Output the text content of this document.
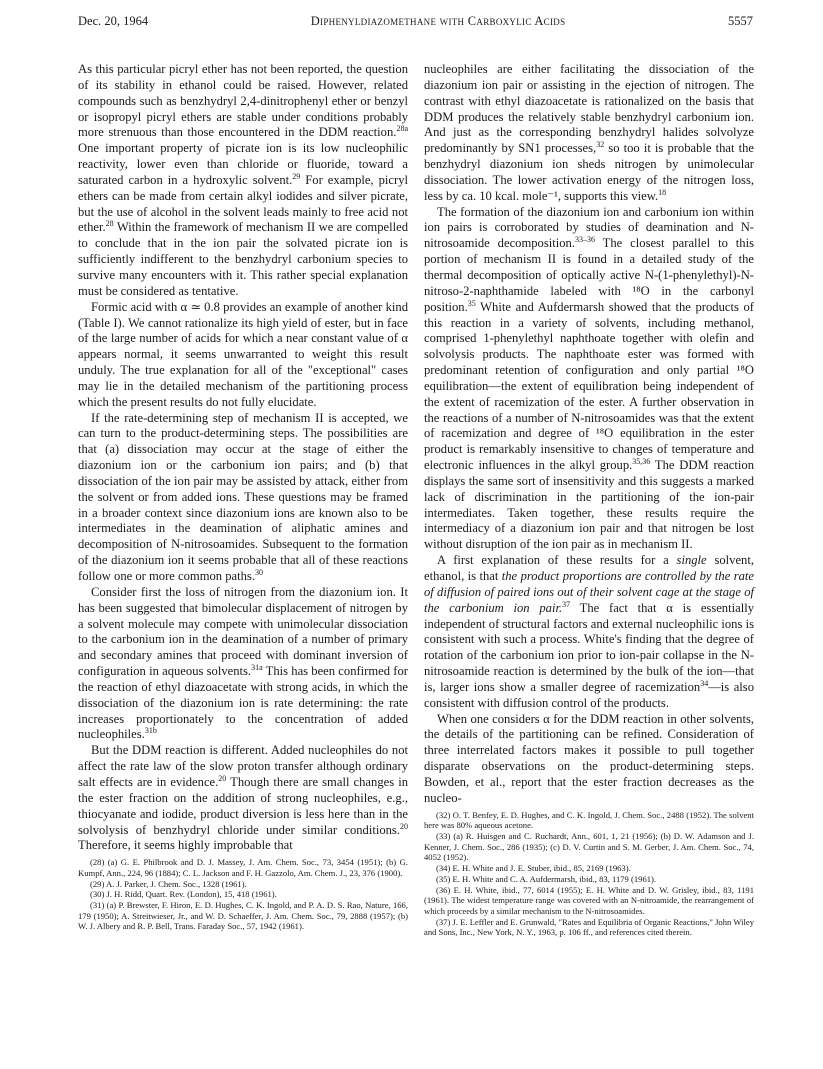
Dec. 20, 1964	Diphenyldiazomethane with Carboxylic Acids	5557

As this particular picryl ether has not been reported, the question of its stability in ethanol could be raised. However, related compounds such as benzhydryl 2,4-dinitrophenyl ether or benzyl or isopropyl picryl ethers are stable under conditions probably more strenuous than those encountered in the DDM reaction.$^{28a}$ One important property of picrate ion is its low nucleophilic reactivity, lower even than chloride or fluoride, toward a saturated carbon in a hydroxylic solvent.$^{29}$ For example, picryl ethers can be made from certain alkyl iodides and silver picrate, but the use of alcohol in the solvent leads mainly to free acid not ether.$^{28}$ Within the framework of mechanism II we are compelled to conclude that in the ion pair the solvated picrate ion is sufficiently indifferent to the benzhydryl carbonium species to survive many encounters with it. This rather special explanation must be considered as tentative.

Formic acid with α ≃ 0.8 provides an example of another kind (Table I). We cannot rationalize its high yield of ester, but in face of the large number of acids for which a near constant value of α appears normal, it seems unwarranted to weight this result unduly. The true explanation for all of the "exceptional" cases may lie in the detailed mechanism of the partitioning process which the present results do not fully elucidate.

If the rate-determining step of mechanism II is accepted, we can turn to the product-determining steps. The possibilities are that (a) dissociation may occur at the stage of either the diazonium ion or the carbonium ion pairs; and (b) that dissociation of the ion pair may be assisted by attack, either from the solvent or from added ions. These questions may be framed in a broader context since diazonium ions are known also to be intermediates in the deamination of aliphatic amines and decomposition of N-nitrosoamides. Subsequent to the formation of the diazonium ion it seems probable that all of these reactions follow one or more common paths.$^{30}$

Consider first the loss of nitrogen from the diazonium ion. It has been suggested that bimolecular displacement of nitrogen by a solvent molecule may compete with unimolecular dissociation to the carbonium ion in the deamination of a number of primary and secondary amines that proceed with dominant inversion of configuration in aqueous solvents.$^{31a}$ This has been confirmed for the reaction of ethyl diazoacetate with strong acids, in which the dissociation of the diazonium ion is rate determining: the rate increases proportionately to the concentration of added nucleophiles.$^{31b}$

But the DDM reaction is different. Added nucleophiles do not affect the rate law of the slow proton transfer although ordinary salt effects are in evidence.$^{20}$ Though there are small changes in the ester fraction on the addition of strong nucleophiles, e.g., thiocyanate and iodide, product diversion is less here than in the solvolysis of benzhydryl chloride under similar conditions.$^{20}$ Therefore, it seems highly improbable that

(28) (a) G. E. Philbrook and D. J. Massey, J. Am. Chem. Soc., 73, 3454 (1951); (b) G. Kumpf, Ann., 224, 96 (1884); C. L. Jackson and F. H. Gazzolo, Am. Chem. J., 23, 376 (1900).
(29) A. J. Parker, J. Chem. Soc., 1328 (1961).
(30) J. H. Ridd, Quart. Rev. (London), 15, 418 (1961).
(31) (a) P. Brewster, F. Hiron, E. D. Hughes, C. K. Ingold, and P. A. D. S. Rao, Nature, 166, 179 (1950); A. Streitwieser, Jr., and W. D. Schaeffer, J. Am. Chem. Soc., 79, 2888 (1957); (b) W. J. Albery and R. P. Bell, Trans. Faraday Soc., 57, 1942 (1961).

nucleophiles are either facilitating the dissociation of the diazonium ion pair or assisting in the ejection of nitrogen. The contrast with ethyl diazoacetate is rationalized on the basis that DDM produces the relatively stable benzhydryl carbonium ion. And just as the corresponding benzhydryl halides solvolyze predominantly by SN1 processes,$^{32}$ so too it is probable that the benzhydryl diazonium ion sheds nitrogen by unimolecular dissociation. The lower activation energy of the nitrogen loss, less by ca. 10 kcal. mole⁻¹, supports this view.$^{18}$

The formation of the diazonium ion and carbonium ion within ion pairs is corroborated by studies of deamination and N-nitrosoamide decomposition.$^{33-36}$ The closest parallel to this portion of mechanism II is found in a detailed study of the thermal decomposition of optically active N-(1-phenylethyl)-N-nitroso-2-naphthamide labeled with ¹⁸O in the carbonyl position.$^{35}$ White and Aufdermarsh showed that the products of this reaction in a variety of solvents, including methanol, comprised 1-phenylethyl naphthoate together with olefin and solvolysis products. The naphthoate ester was formed with predominant retention of configuration and only partial ¹⁸O equilibration—the extent of equilibration being independent of the extent of racemization of the ester. A further observation in the reactions of a number of N-nitrosoamides was that the extent of racemization and degree of ¹⁸O equilibration in the ester product is remarkably insensitive to changes of temperature and electronic influences in the alkyl group.$^{35,36}$ The DDM reaction displays the same sort of insensitivity and this suggests a marked lack of discrimination in the partitioning of the ion-pair intermediates. Taken together, these results require the intermediacy of a diazonium ion pair and that nitrogen be lost without disruption of the ion pair as in mechanism II.

A first explanation of these results for a single solvent, ethanol, is that the product proportions are controlled by the rate of diffusion of paired ions out of their solvent cage at the stage of the carbonium ion pair.$^{37}$ The fact that α is essentially independent of structural factors and external nucleophilic ions is consistent with such a process. White's finding that the degree of rotation of the carbonium ion prior to ion-pair collapse in the N-nitrosoamide reaction is determined by the bulk of the ion—that is, larger ions show a smaller degree of racemization$^{34}$—is also consistent with diffusion control of the products.

When one considers α for the DDM reaction in other solvents, the details of the partitioning can be refined. Consideration of three interrelated factors makes it possible to pull together disparate observations on the product-determining steps. Bowden, et al., report that the ester fraction decreases as the nucleo-

(32) O. T. Benfey, E. D. Hughes, and C. K. Ingold, J. Chem. Soc., 2488 (1952). The solvent here was 80% aqueous acetone.
(33) (a) R. Huisgen and C. Ruchardt, Ann., 601, 1, 21 (1956); (b) D. W. Adamson and J. Kenner, J. Chem. Soc., 286 (1935); (c) D. V. Curtin and S. M. Gerber, J. Am. Chem. Soc., 74, 4052 (1952).
(34) E. H. White and J. E. Stuber, ibid., 85, 2169 (1963).
(35) E. H. White and C. A. Aufdermarsh, ibid., 83, 1179 (1961).
(36) E. H. White, ibid., 77, 6014 (1955); E. H. White and D. W. Grisley, ibid., 83, 1191 (1961). The widest temperature range was covered with an N-nitroamide, the rearrangement of which proceeds by a similar mechanism to the N-nitrosoamides.
(37) J. E. Leffler and E. Grunwald, "Rates and Equilibria of Organic Reactions," John Wiley and Sons, Inc., New York, N. Y., 1963, p. 106 ff., and references cited therein.
